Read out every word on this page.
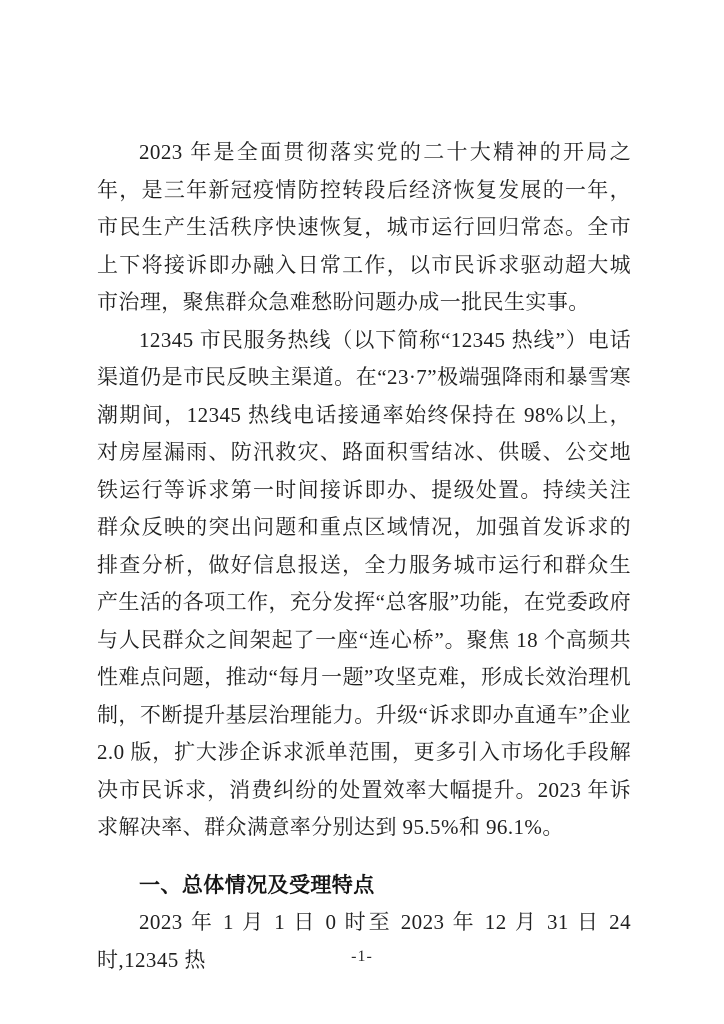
2023 年是全面贯彻落实党的二十大精神的开局之年，是三年新冠疫情防控转段后经济恢复发展的一年，市民生产生活秩序快速恢复，城市运行回归常态。全市上下将接诉即办融入日常工作，以市民诉求驱动超大城市治理，聚焦群众急难愁盼问题办成一批民生实事。

12345 市民服务热线（以下简称“12345 热线”）电话渠道仍是市民反映主渠道。在“23·7”极端强降雨和暴雪寒潮期间，12345 热线电话接通率始终保持在 98%以上，对房屋漏雨、防汛救灾、路面积雪结冰、供暖、公交地铁运行等诉求第一时间接诉即办、提级处置。持续关注群众反映的突出问题和重点区域情况，加强首发诉求的排查分析，做好信息报送，全力服务城市运行和群众生产生活的各项工作，充分发挥“总客服”功能，在党委政府与人民群众之间架起了一座“连心桥”。聚焦 18 个高频共性难点问题，推动“每月一题”攻坚克难，形成长效治理机制，不断提升基层治理能力。升级“诉求即办直通车”企业 2.0 版，扩大涉企诉求派单范围，更多引入市场化手段解决市民诉求，消费纠纷的处置效率大幅提升。2023 年诉求解决率、群众满意率分别达到 95.5%和 96.1%。

一、总体情况及受理特点

2023 年 1 月 1 日 0 时至 2023 年 12 月 31 日 24 时,12345 热	-1-
